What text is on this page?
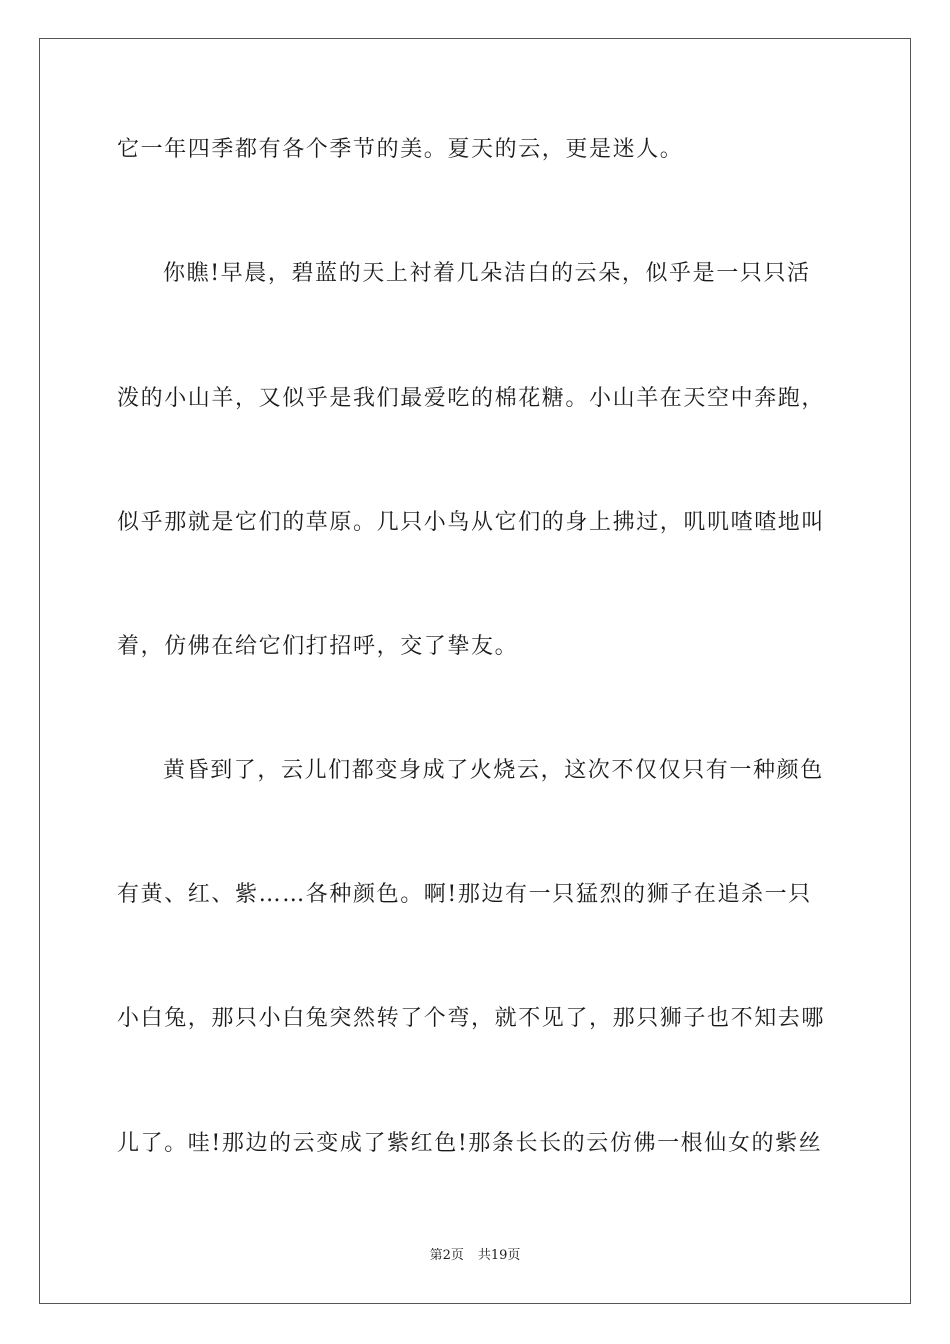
它一年四季都有各个季节的美。夏天的云，更是迷人。
你瞧!早晨，碧蓝的天上衬着几朵洁白的云朵，似乎是一只只活
泼的小山羊，又似乎是我们最爱吃的棉花糖。小山羊在天空中奔跑，
似乎那就是它们的草原。几只小鸟从它们的身上拂过，叽叽喳喳地叫
着，仿佛在给它们打招呼，交了挚友。
黄昏到了，云儿们都变身成了火烧云，这次不仅仅只有一种颜色
有黄、红、紫……各种颜色。啊!那边有一只猛烈的狮子在追杀一只
小白兔，那只小白兔突然转了个弯，就不见了，那只狮子也不知去哪
儿了。哇!那边的云变成了紫红色!那条长长的云仿佛一根仙女的紫丝
第2页 共19页
